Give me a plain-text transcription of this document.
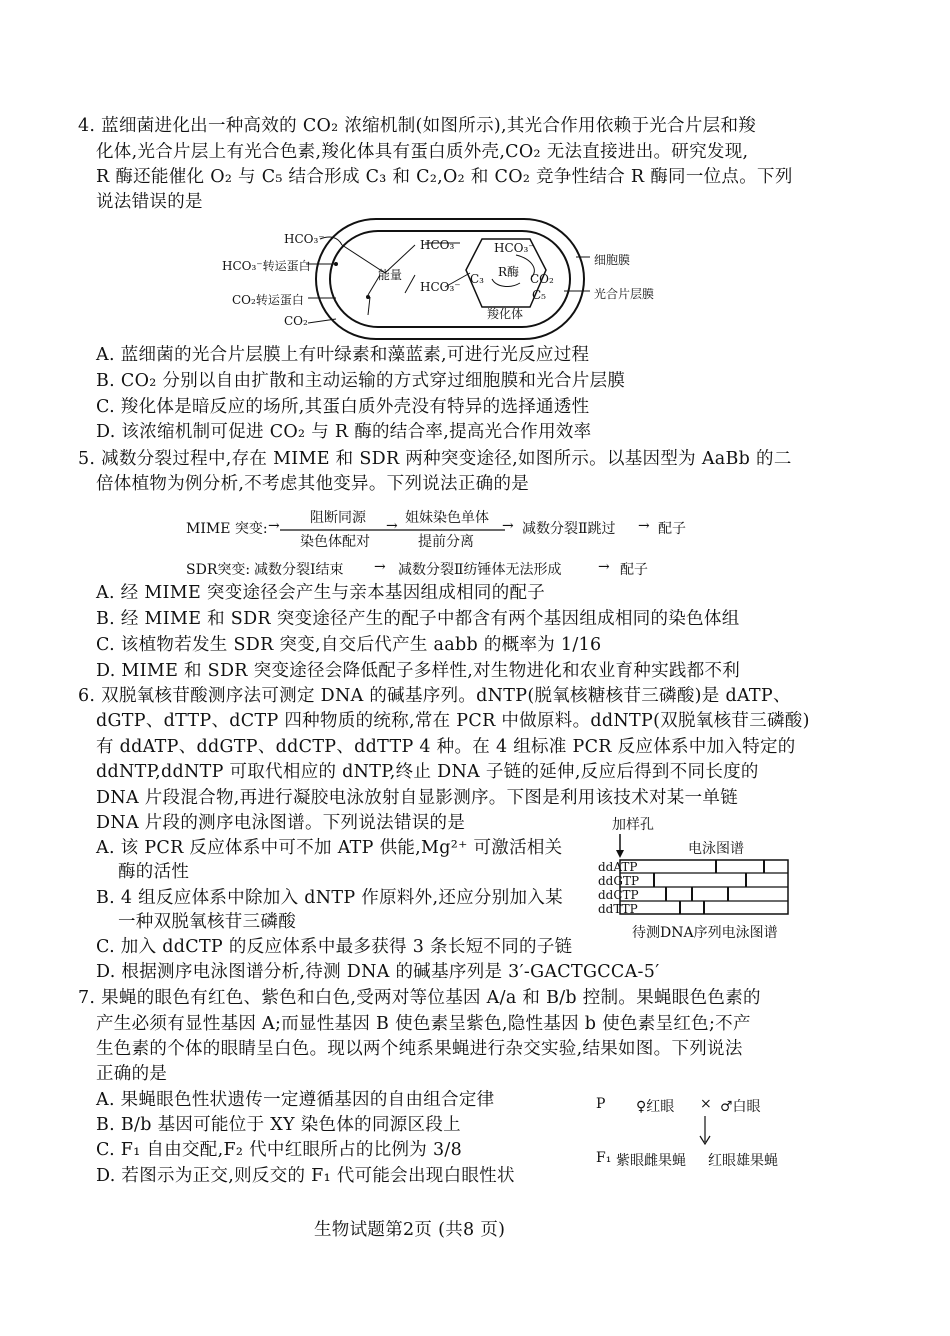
4. 蓝细菌进化出一种高效的 CO₂ 浓缩机制(如图所示),其光合作用依赖于光合片层和羧
化体,光合片层上有光合色素,羧化体具有蛋白质外壳,CO₂ 无法直接进出。研究发现,
R 酶还能催化 O₂ 与 C₅ 结合形成 C₃ 和 C₂,O₂ 和 CO₂ 竞争性结合 R 酶同一位点。下列
说法错误的是
HCO₃⁻
HCO₃⁻转运蛋白
CO₂转运蛋白
CO₂
能量
HCO₃⁻
HCO₃⁻
HCO₃⁻
R酶 CO₂
C₃
C₅
羧化体
细胞膜
光合片层膜
A. 蓝细菌的光合片层膜上有叶绿素和藻蓝素,可进行光反应过程
B. CO₂ 分别以自由扩散和主动运输的方式穿过细胞膜和光合片层膜
C. 羧化体是暗反应的场所,其蛋白质外壳没有特异的选择通透性
D. 该浓缩机制可促进 CO₂ 与 R 酶的结合率,提高光合作用效率
5. 减数分裂过程中,存在 MIME 和 SDR 两种突变途径,如图所示。以基因型为 AaBb 的二
倍体植物为例分析,不考虑其他变异。下列说法正确的是
MIME 突变: → 阻断同源
染色体配对
→ 姐妹染色单体
提前分离
→ 减数分裂Ⅱ跳过 → 配子
SDR突变: 减数分裂Ⅰ结束 → 减数分裂Ⅱ纺锤体无法形成	→ 配子
A. 经 MIME 突变途径会产生与亲本基因组成相同的配子
B. 经 MIME 和 SDR 突变途径产生的配子中都含有两个基因组成相同的染色体组
C. 该植物若发生 SDR 突变,自交后代产生 aabb 的概率为 1/16
D. MIME 和 SDR 突变途径会降低配子多样性,对生物进化和农业育种实践都不利
6. 双脱氧核苷酸测序法可测定 DNA 的碱基序列。dNTP(脱氧核糖核苷三磷酸)是 dATP、
dGTP、dTTP、dCTP 四种物质的统称,常在 PCR 中做原料。ddNTP(双脱氧核苷三磷酸)
有 ddATP、ddGTP、ddCTP、ddTTP 4 种。在 4 组标准 PCR 反应体系中加入特定的
ddNTP,ddNTP 可取代相应的 dNTP,终止 DNA 子链的延伸,反应后得到不同长度的
DNA 片段混合物,再进行凝胶电泳放射自显影测序。下图是利用该技术对某一单链
DNA 片段的测序电泳图谱。下列说法错误的是
A. 该 PCR 反应体系中可不加 ATP 供能,Mg²⁺ 可激活相关
酶的活性
B. 4 组反应体系中除加入 dNTP 作原料外,还应分别加入某
一种双脱氧核苷三磷酸
C. 加入 ddCTP 的反应体系中最多获得 3 条长短不同的子链
D. 根据测序电泳图谱分析,待测 DNA 的碱基序列是 3′-GACTGCCA-5′
加样孔
电泳图谱
ddATP
ddGTP
ddCTP
ddTTP
待测DNA序列电泳图谱
7. 果蝇的眼色有红色、紫色和白色,受两对等位基因 A/a 和 B/b 控制。果蝇眼色色素的
产生必须有显性基因 A;而显性基因 B 使色素呈紫色,隐性基因 b 使色素呈红色;不产
生色素的个体的眼睛呈白色。现以两个纯系果蝇进行杂交实验,结果如图。下列说法
正确的是
A. 果蝇眼色性状遗传一定遵循基因的自由组合定律
B. B/b 基因可能位于 XY 染色体的同源区段上
C. F₁ 自由交配,F₂ 代中红眼所占的比例为 3/8
D. 若图示为正交,则反交的 F₁ 代可能会出现白眼性状
P ♀红眼 × ♂白眼
F₁ 紫眼雌果蝇 红眼雄果蝇
生物试题第2页 (共8 页)
